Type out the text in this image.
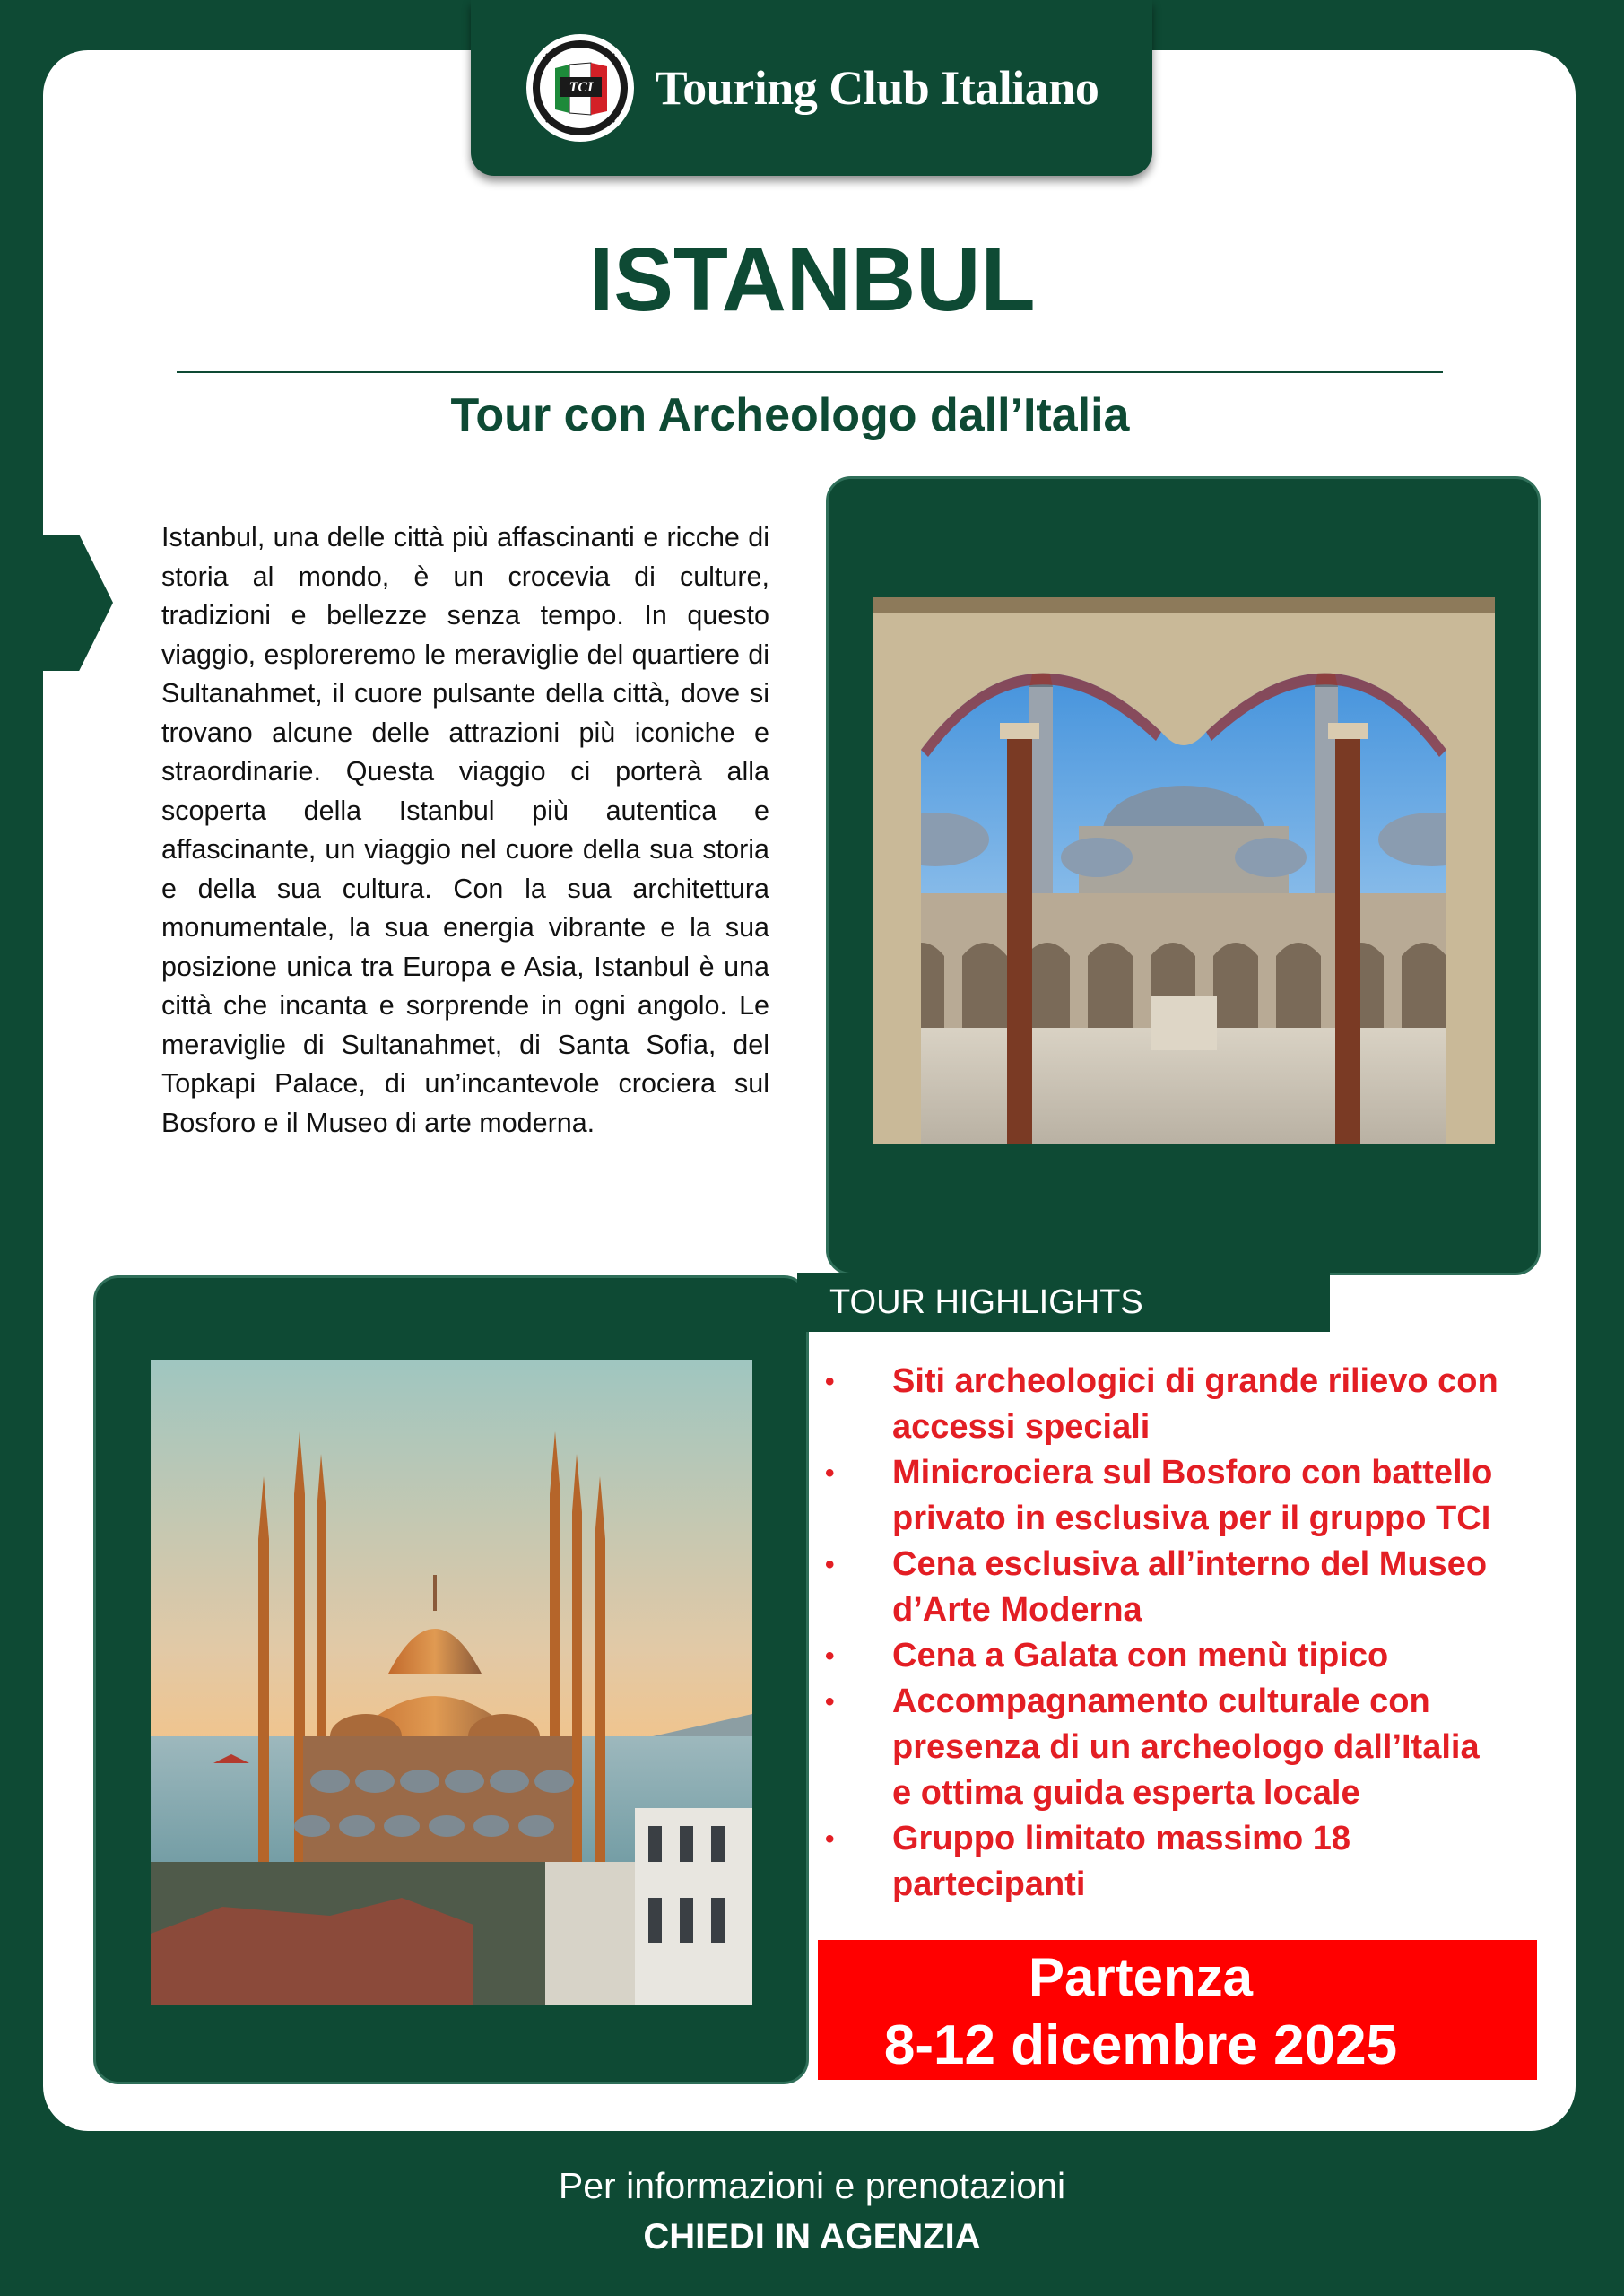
TCI Touring Club Italiano
ISTANBUL
Tour con Archeologo dall’Italia

Istanbul, una delle città più affascinanti e ricche di storia al mondo, è un crocevia di culture, tradizioni e bellezze senza tempo. In questo viaggio, esploreremo le meraviglie del quartiere di Sultanahmet, il cuore pulsante della città, dove si trovano alcune delle attrazioni più iconiche e straordinarie. Questa viaggio ci porterà alla scoperta della Istanbul più autentica e affascinante, un viaggio nel cuore della sua storia e della sua cultura. Con la sua architettura monumentale, la sua energia vibrante e la sua posizione unica tra Europa e Asia, Istanbul è una città che incanta e sorprende in ogni angolo. Le meraviglie di Sultanahmet, di Santa Sofia, del Topkapi Palace, di un’incantevole crociera sul Bosforo e il Museo di arte moderna.

TOUR HIGHLIGHTS
•	Siti archeologici di grande rilievo con accessi speciali
•	Minicrociera sul Bosforo con battello privato in esclusiva per il gruppo TCI
•	Cena esclusiva all’interno del Museo d’Arte Moderna
•	Cena a Galata con menù tipico
•	Accompagnamento culturale con presenza di un archeologo dall’Italia e ottima guida esperta locale
•	Gruppo limitato massimo 18 partecipanti
Partenza
8-12 dicembre 2025
Per informazioni e prenotazioni
CHIEDI IN AGENZIA
